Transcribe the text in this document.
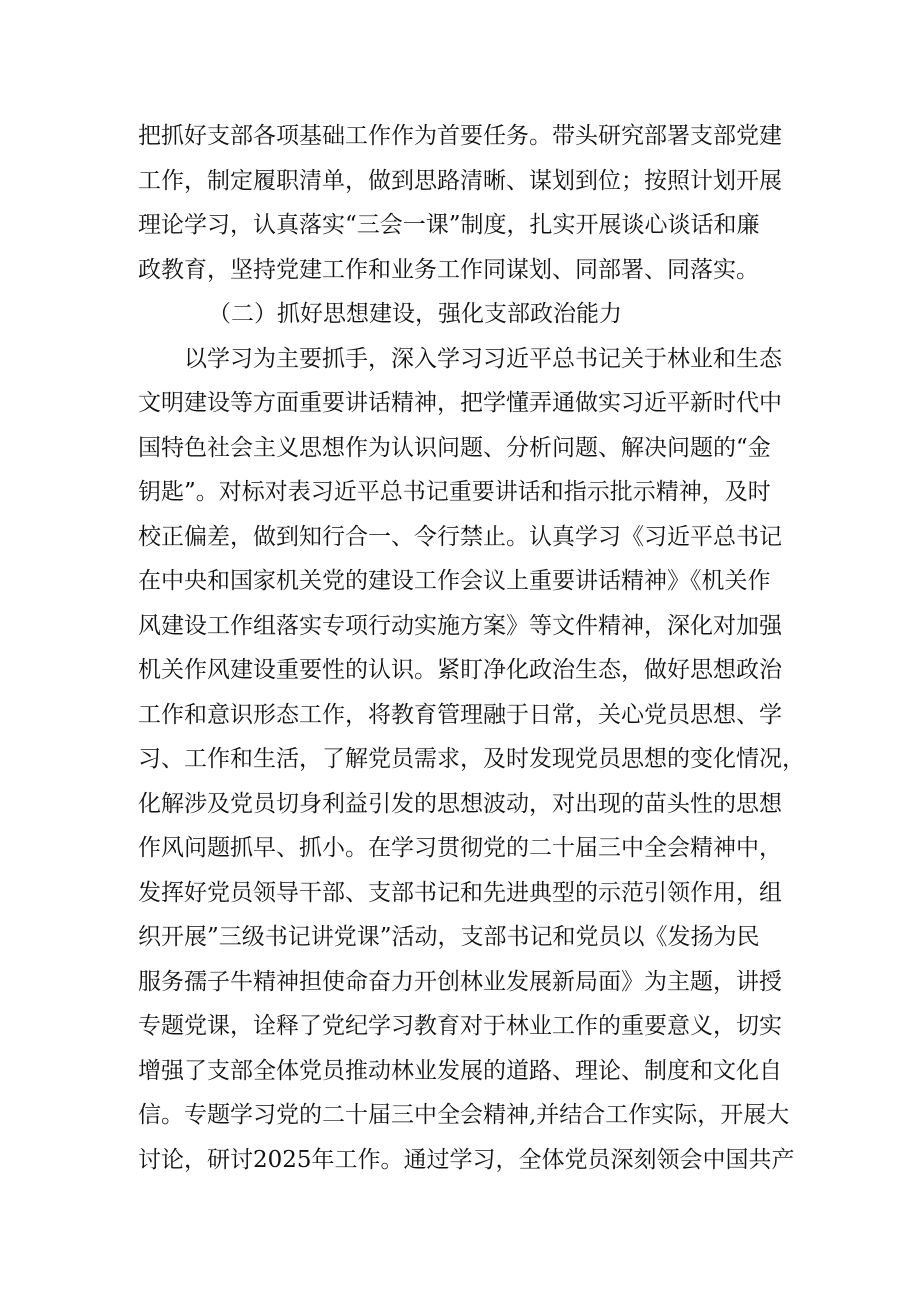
把抓好支部各项基础工作作为首要任务。带头研究部署支部党建
工作，制定履职清单，做到思路清晰、谋划到位；按照计划开展
理论学习，认真落实“三会一课”制度，扎实开展谈心谈话和廉
政教育，坚持党建工作和业务工作同谋划、同部署、同落实。
（二）抓好思想建设，强化支部政治能力
以学习为主要抓手，深入学习习近平总书记关于林业和生态
文明建设等方面重要讲话精神，把学懂弄通做实习近平新时代中
国特色社会主义思想作为认识问题、分析问题、解决问题的“金
钥匙”。对标对表习近平总书记重要讲话和指示批示精神，及时
校正偏差，做到知行合一、令行禁止。认真学习《习近平总书记
在中央和国家机关党的建设工作会议上重要讲话精神》《机关作
风建设工作组落实专项行动实施方案》等文件精神，深化对加强
机关作风建设重要性的认识。紧盯净化政治生态，做好思想政治
工作和意识形态工作，将教育管理融于日常，关心党员思想、学
习、工作和生活，了解党员需求，及时发现党员思想的变化情况，
化解涉及党员切身利益引发的思想波动，对出现的苗头性的思想
作风问题抓早、抓小。在学习贯彻党的二十届三中全会精神中，
发挥好党员领导干部、支部书记和先进典型的示范引领作用，组
织开展”三级书记讲党课”活动，支部书记和党员以《发扬为民
服务孺子牛精神担使命奋力开创林业发展新局面》为主题，讲授
专题党课，诠释了党纪学习教育对于林业工作的重要意义，切实
增强了支部全体党员推动林业发展的道路、理论、制度和文化自
信。专题学习党的二十届三中全会精神,并结合工作实际，开展大
讨论，研讨2025年工作。通过学习，全体党员深刻领会中国共产
